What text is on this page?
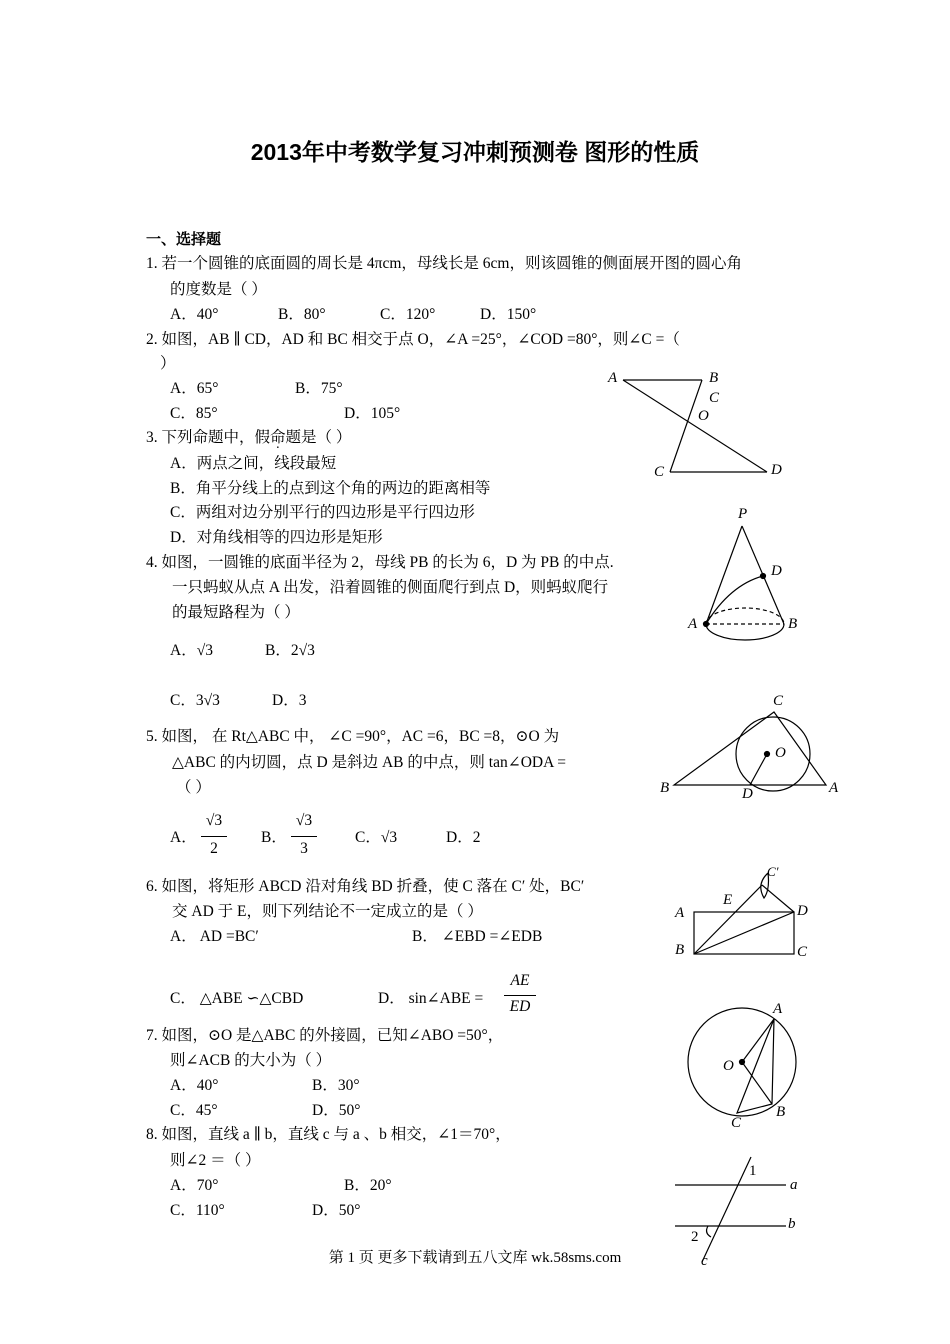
2013年中考数学复习冲刺预测卷 图形的性质
一、选择题
1. 若一个圆锥的底面圆的周长是 4πcm，母线长是 6cm，则该圆锥的侧面展开图的圆心角
的度数是（ ）
A．40°	B．80°	C．120°	D．150°
2. 如图，AB ∥ CD，AD 和 BC 相交于点 O，∠A =25°，∠COD =80°，则∠C =（
）
A．65°	B．75°
C．85°	D．105°
3. 下列命题中，假命题是（ ）
A．两点之间，线段最短
B．角平分线上的点到这个角的两边的距离相等
C．两组对边分别平行的四边形是平行四边形
D．对角线相等的四边形是矩形
4. 如图，一圆锥的底面半径为 2，母线 PB 的长为 6，D 为 PB 的中点.
一只蚂蚁从点 A 出发，沿着圆锥的侧面爬行到点 D，则蚂蚁爬行
的最短路程为（ ）
A．√3	B．2√3
C．3√3	D．3
5. 如图， 在 Rt△ABC 中， ∠C =90°，AC =6，BC =8，⊙O 为
△ABC 的内切圆，点 D 是斜边 AB 的中点，则 tan∠ODA =
（ ）
A．
√3
2
B．
√3
3
C．√3	D．2
6. 如图，将矩形 ABCD 沿对角线 BD 折叠，使 C 落在 C′ 处，BC′
交 AD 于 E，则下列结论不一定成立的是（ ）
A． AD =BC′	B． ∠EBD =∠EDB
C． △ABE ∽△CBD	D． sin∠ABE =
AE
ED
7. 如图，⊙O 是△ABC 的外接圆，已知∠ABO =50°，
则∠ACB 的大小为（ ）
A．40°	B．30°
C．45°	D．50°
8. 如图，直线 a ∥ b，直线 c 与 a 、b 相交，∠1＝70°，
则∠2 ＝（ ）
A．70°	B．20°
C．110°	D．50°
A	B
C
O
C	D
P
D
A	B
C
O
B	D	A
C′
E
A	D
B	C
A
O
B
C
1
a
b
2
c
第 1 页 更多下载请到五八文库 wk.58sms.com
